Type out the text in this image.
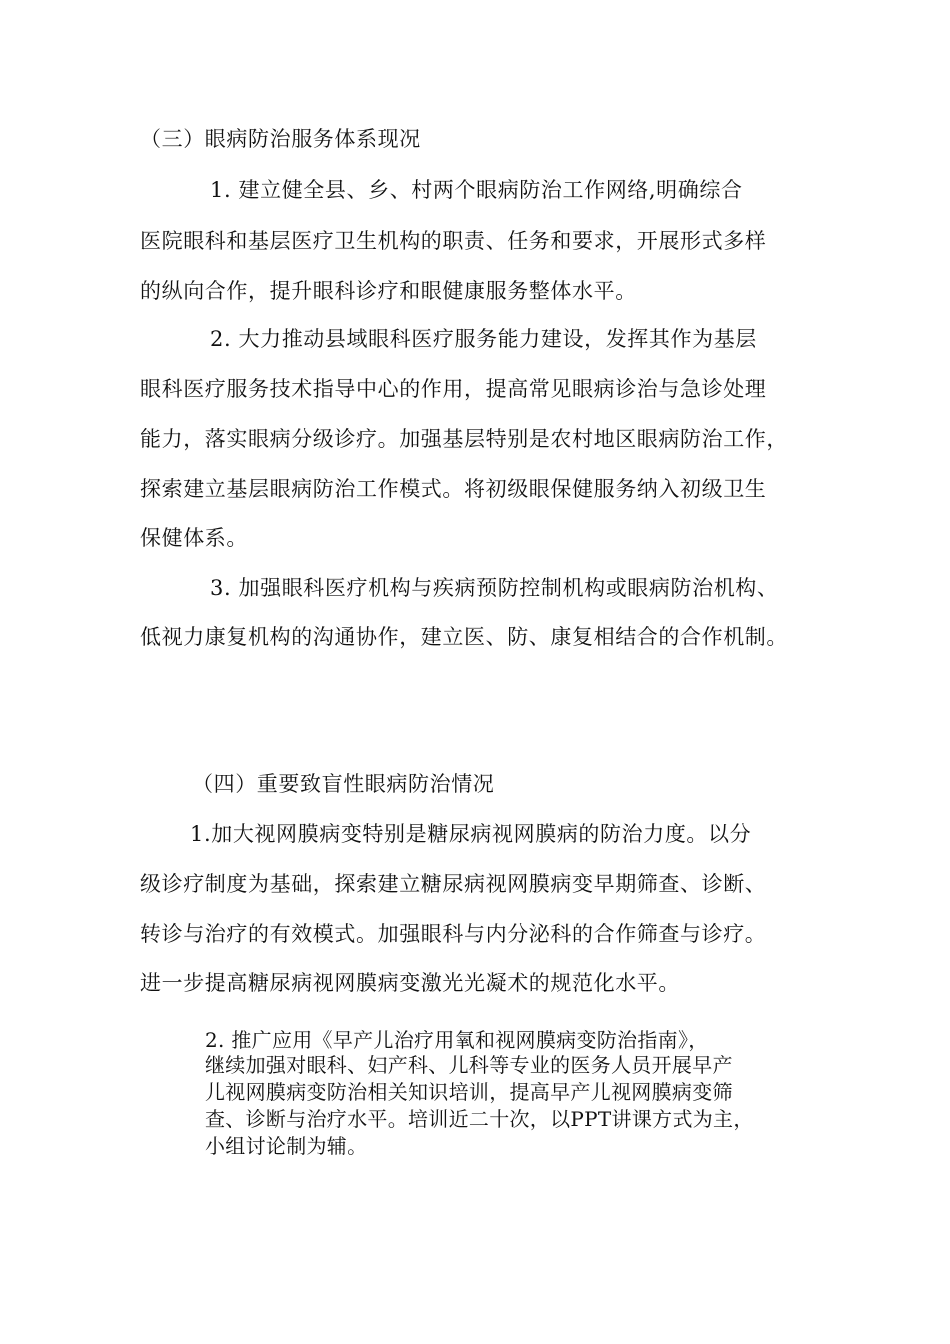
（三）眼病防治服务体系现况
1. 建立健全县、乡、村两个眼病防治工作网络,明确综合
医院眼科和基层医疗卫生机构的职责、任务和要求，开展形式多样
的纵向合作，提升眼科诊疗和眼健康服务整体水平。
2. 大力推动县域眼科医疗服务能力建设，发挥其作为基层
眼科医疗服务技术指导中心的作用，提高常见眼病诊治与急诊处理
能力，落实眼病分级诊疗。加强基层特别是农村地区眼病防治工作，
探索建立基层眼病防治工作模式。将初级眼保健服务纳入初级卫生
保健体系。
3. 加强眼科医疗机构与疾病预防控制机构或眼病防治机构、
低视力康复机构的沟通协作，建立医、防、康复相结合的合作机制。
（四）重要致盲性眼病防治情况
1.加大视网膜病变特别是糖尿病视网膜病的防治力度。以分
级诊疗制度为基础，探索建立糖尿病视网膜病变早期筛查、诊断、
转诊与治疗的有效模式。加强眼科与内分泌科的合作筛查与诊疗。
进一步提高糖尿病视网膜病变激光光凝术的规范化水平。
2. 推广应用《早产儿治疗用氧和视网膜病变防治指南》，
继续加强对眼科、妇产科、儿科等专业的医务人员开展早产
儿视网膜病变防治相关知识培训，提高早产儿视网膜病变筛
查、诊断与治疗水平。培训近二十次，以PPT讲课方式为主，
小组讨论制为辅。
